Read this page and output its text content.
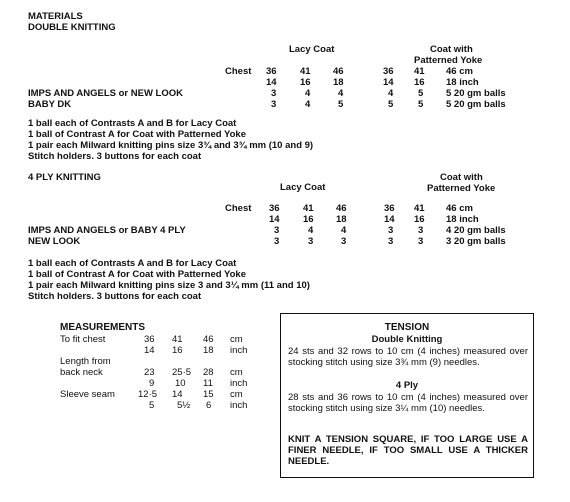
MATERIALS
DOUBLE KNITTING
Lacy Coat	Coat with
Patterned Yoke
Chest 36 41 46	36 41 46 cm
14 16 18	14 16 18 inch
IMPS AND ANGELS or NEW LOOK	3	4	4	4	5 5 20 gm balls
BABY DK	3	4	5	5	5 5 20 gm balls
1 ball each of Contrasts A and B for Lacy Coat
1 ball of Contrast A for Coat with Patterned Yoke
1 pair each Milward knitting pins size 3¾ and 3¾ mm (10 and 9)
Stitch holders. 3 buttons for each coat
4 PLY KNITTING	Coat with
Lacy Coat	Patterned Yoke
Chest 36 41 46	36 41 46 cm
14 16 18	14 16 18 inch
IMPS AND ANGELS or BABY 4 PLY	3	4	4	3	3 4 20 gm balls
NEW LOOK	3	3	3	3	3 3 20 gm balls
1 ball each of Contrasts A and B for Lacy Coat
1 ball of Contrast A for Coat with Patterned Yoke
1 pair each Milward knitting pins size 3 and 3¼ mm (11 and 10)
Stitch holders. 3 buttons for each coat
MEASUREMENTS
To fit chest	36 41 46 cm
14 16 18 inch
Length from
back neck	23 25·5 28 cm
9 10 11 inch
Sleeve seam 12·5 14 15 cm
5 5½ 6 inch
TENSION
Double Knitting
24 sts and 32 rows to 10 cm (4 inches) measured over stocking stitch using size 3¾ mm (9) needles.
4 Ply
28 sts and 36 rows to 10 cm (4 inches) measured over stocking stitch using size 3¼ mm (10) needles.
KNIT A TENSION SQUARE, IF TOO LARGE USE A FINER NEEDLE, IF TOO SMALL USE A THICKER NEEDLE.
